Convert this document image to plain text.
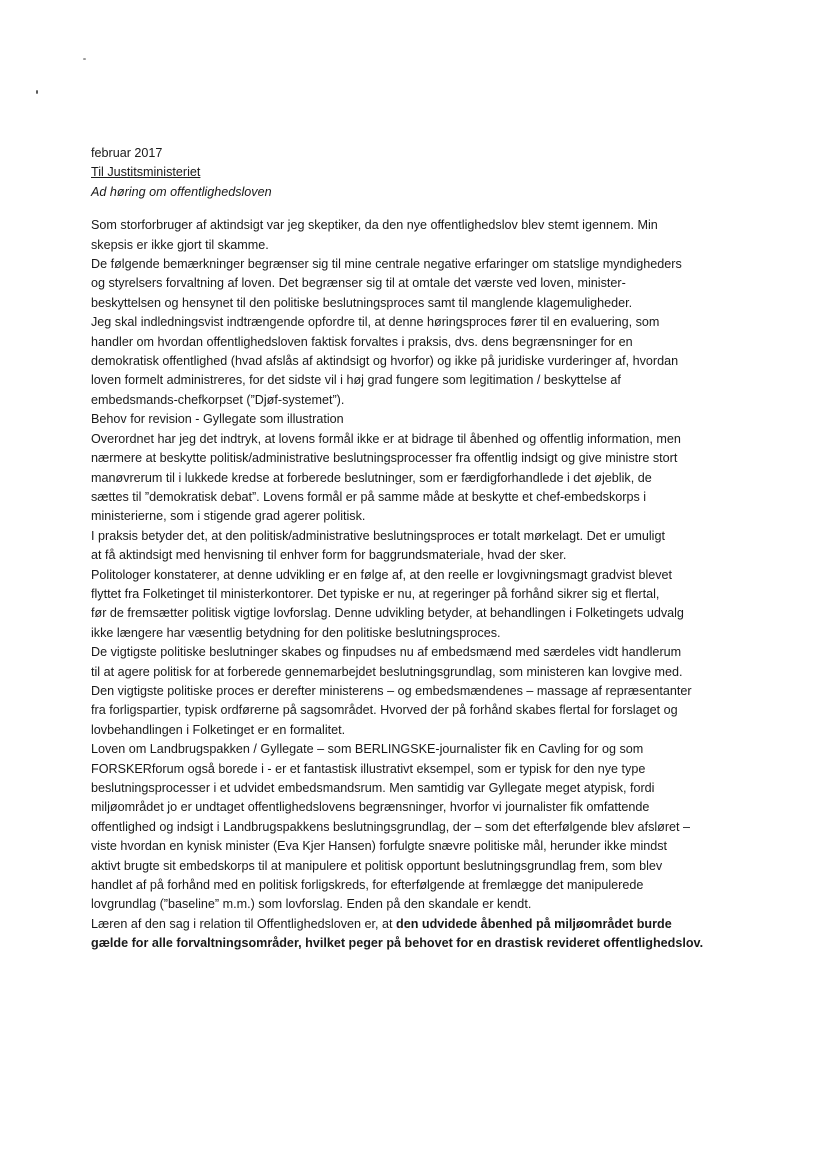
februar 2017
Til Justitsministeriet
Ad høring om offentlighedsloven
Som storforbruger af aktindsigt var jeg skeptiker, da den nye offentlighedslov blev stemt igennem. Min
skepsis er ikke gjort til skamme.
De følgende bemærkninger begrænser sig til mine centrale negative erfaringer om statslige myndigheders
og styrelsers forvaltning af loven. Det begrænser sig til at omtale det værste ved loven, minister-
beskyttelsen og hensynet til den politiske beslutningsproces samt til manglende klagemuligheder.
Jeg skal indledningsvist indtrængende opfordre til, at denne høringsproces fører til en evaluering, som
handler om hvordan offentlighedsloven faktisk forvaltes i praksis, dvs. dens begrænsninger for en
demokratisk offentlighed (hvad afslås af aktindsigt og hvorfor) og ikke på juridiske vurderinger af, hvordan
loven formelt administreres, for det sidste vil i høj grad fungere som legitimation / beskyttelse af
embedsmands-chefkorpset (”Djøf-systemet”).
Behov for revision - Gyllegate som illustration
Overordnet har jeg det indtryk, at lovens formål ikke er at bidrage til åbenhed og offentlig information, men
nærmere at beskytte politisk/administrative beslutningsprocesser fra offentlig indsigt og give ministre stort
manøvrerum til i lukkede kredse at forberede beslutninger, som er færdigforhandlede i det øjeblik, de
sættes til ”demokratisk debat”. Lovens formål er på samme måde at beskytte et chef-embedskorps i
ministerierne, som i stigende grad agerer politisk.
I praksis betyder det, at den politisk/administrative beslutningsproces er totalt mørkelagt. Det er umuligt
at få aktindsigt med henvisning til enhver form for baggrundsmateriale, hvad der sker.
Politologer konstaterer, at denne udvikling er en følge af, at den reelle er lovgivningsmagt gradvist blevet
flyttet fra Folketinget til ministerkontorer. Det typiske er nu, at regeringer på forhånd sikrer sig et flertal,
før de fremsætter politisk vigtige lovforslag. Denne udvikling betyder, at behandlingen i Folketingets udvalg
ikke længere har væsentlig betydning for den politiske beslutningsproces.
De vigtigste politiske beslutninger skabes og finpudses nu af embedsmænd med særdeles vidt handlerum
til at agere politisk for at forberede gennemarbejdet beslutningsgrundlag, som ministeren kan lovgive med.
Den vigtigste politiske proces er derefter ministerens – og embedsmændenes – massage af repræsentanter
fra forligspartier, typisk ordførerne på sagsområdet. Hvorved der på forhånd skabes flertal for forslaget og
lovbehandlingen i Folketinget er en formalitet.
Loven om Landbrugspakken / Gyllegate – som BERLINGSKE-journalister fik en Cavling for og som
FORSKERforum også borede i - er et fantastisk illustrativt eksempel, som er typisk for den nye type
beslutningsprocesser i et udvidet embedsmandsrum. Men samtidig var Gyllegate meget atypisk, fordi
miljøområdet jo er undtaget offentlighedslovens begrænsninger, hvorfor vi journalister fik omfattende
offentlighed og indsigt i Landbrugspakkens beslutningsgrundlag, der – som det efterfølgende blev afsløret –
viste hvordan en kynisk minister (Eva Kjer Hansen) forfulgte snævre politiske mål, herunder ikke mindst
aktivt brugte sit embedskorps til at manipulere et politisk opportunt beslutningsgrundlag frem, som blev
handlet af på forhånd med en politisk forligskreds, for efterfølgende at fremlægge det manipulerede
lovgrundlag (”baseline” m.m.) som lovforslag. Enden på den skandale er kendt.
Læren af den sag i relation til Offentlighedsloven er, at den udvidede åbenhed på miljøområdet burde
gælde for alle forvaltningsområder, hvilket peger på behovet for en drastisk revideret offentlighedslov.
